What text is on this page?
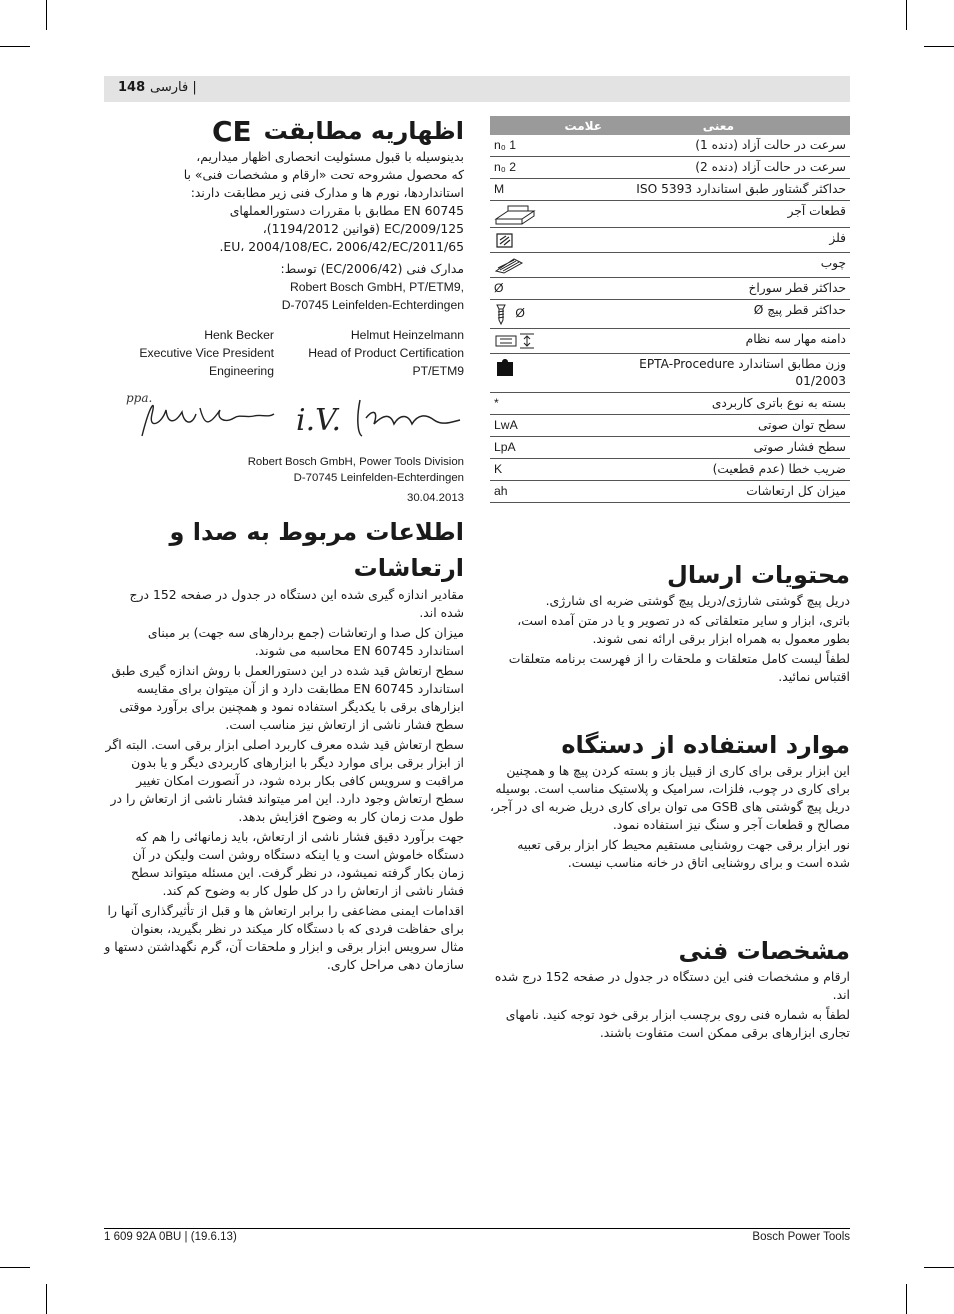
148	| فارسی
اظهاریه مطابقت
CE

بدینوسیله با قبول مسئولیت انحصاری اظهار میداریم،

که محصول مشروحه تحت «ارقام و مشخصات فنی» با

استانداردها، نورم ها و مدارک فنی زیر مطابقت دارند:

EN 60745 مطابق با مقررات دستورالعملهای

2009/125/EC (قوانین 1194/2012)،

2011/65/EU، 2004/108/EC، 2006/42/EC.

مدارک فنی (2006/42/EC) توسط:

Robert Bosch GmbH, PT/ETM9,
D-70745 Leinfelden-Echterdingen
Henk Becker
Executive Vice President
Engineering
Helmut Heinzelmann
Head of Product Certification
PT/ETM9
ppa.
i.V.
Robert Bosch GmbH, Power Tools Division
D-70745 Leinfelden-Echterdingen
30.04.2013
اطلاعات مربوط به صدا و
ارتعاشات

مقادیر اندازه گیری شده این دستگاه در جدول در صفحه 152 درج شده اند.

میزان کل صدا و ارتعاشات (جمع بردارهای سه جهت) بر مبنای استاندارد EN 60745 محاسبه می شوند.

سطح ارتعاش قید شده در این دستورالعمل با روش اندازه گیری طبق استاندارد EN 60745 مطابقت دارد و از آن میتوان برای مقایسه ابزارهای برقی با یکدیگر استفاده نمود و همچنین برای برآورد موقتی سطح فشار ناشی از ارتعاش نیز مناسب است.

سطح ارتعاش قید شده معرف کاربرد اصلی ابزار برقی است. البته اگر از ابزار برقی برای موارد دیگر با ابزارهای کاربردی دیگر و یا بدون مراقبت و سرویس کافی بکار برده شود، در آنصورت امکان تغییر سطح ارتعاش وجود دارد. این امر میتواند فشار ناشی از ارتعاش را در طول مدت زمان کار به وضوح افزایش بدهد.

جهت برآورد دقیق فشار ناشی از ارتعاش، باید زمانهائی را هم که دستگاه خاموش است و یا اینکه دستگاه روشن است ولیکن در آن زمان بکار گرفته نمیشود، در نظر گرفت. این مسئله میتواند سطح فشار ناشی از ارتعاش را در کل طول کار به وضوح کم کند.

اقدامات ایمنی مضاعفی را برابر ارتعاش ها و قبل از تأثیرگذاری آنها را برای حفاظت فردی که با دستگاه کار میکند در نظر بگیرید، بعنوان مثال سرویس ابزار برقی و ابزار و ملحقات آن، گرم نگهداشتن دستها و سازمان دهی مراحل کاری.

معنی	علامت
سرعت در حالت آزاد (دنده 1)	n₀ 1
سرعت در حالت آزاد (دنده 2)	n₀ 2
حداکثر گشتاور طبق استاندارد ISO 5393	M
قطعات آجر	
فلز	
چوب	
حداکثر قطر سوراخ	Ø
حداکثر قطر پیچ Ø	Ø
دامنه مهار سه نظام	
وزن مطابق استاندارد EPTA-Procedure 01/2003	
بسته به نوع باتری کاربردی	*
سطح توان صوتی	LwA
سطح فشار صوتی	LpA
ضریب خطا (عدم قطعیت)	K
میزان کل ارتعاشات	ah
محتویات ارسال

دریل پیچ گوشتی شارژی/دریل پیچ گوشتی ضربه ای شارژی.

باتری، ابزار و سایر متعلقاتی که در تصویر و یا در متن آمده است، بطور معمول به همراه ابزار برقی ارائه نمی شوند.

لطفاً لیست کامل متعلقات و ملحقات را از فهرست برنامه متعلقات اقتباس نمائید.

موارد استفاده از دستگاه

این ابزار برقی برای کاری از قبیل باز و بسته کردن پیچ ها و همچنین برای کاری در چوب، فلزات، سرامیک و پلاستیک مناسب است. بوسیله دریل پیچ گوشتی های GSB می توان برای کاری دریل ضربه ای در آجر، مصالح و قطعات آجر و سنگ نیز استفاده نمود.

نور ابزار برقی جهت روشنایی مستقیم محیط کار ابزار برقی تعبیه شده است و برای روشنایی اتاق در خانه مناسب نیست.

مشخصات فنی

ارقام و مشخصات فنی این دستگاه در جدول در صفحه 152 درج شده اند.

لطفاً به شماره فنی روی برچسب ابزار برقی خود توجه کنید. نامهای تجاری ابزارهای برقی ممکن است متفاوت باشند.

1 609 92A 0BU | (19.6.13)	Bosch Power Tools
